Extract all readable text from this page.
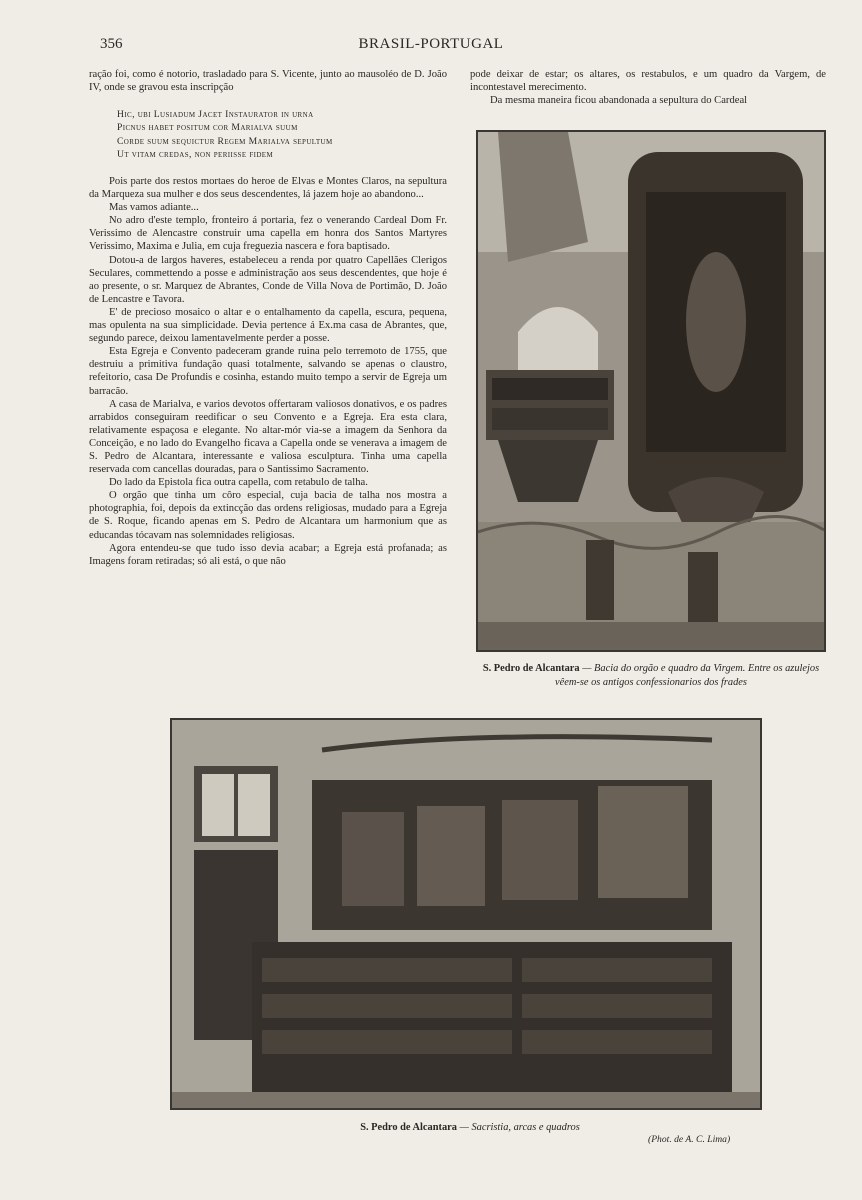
356	BRASIL-PORTUGAL

ração foi, como é notorio, trasladado para S. Vicente, junto ao mausoléo de D. João IV, onde se gravou esta inscripção

Hic, ubi Lusiadum Jacet Instaurator in urna
Picnus habet positum cor Marialva suum
Corde suum sequictur Regem Marialva sepultum
Ut vitam credas, non periisse fidem

Pois parte dos restos mortaes do heroe de Elvas e Montes Claros, na sepultura da Marqueza sua mulher e dos seus descendentes, lá jazem hoje ao abandono...

Mas vamos adiante...

No adro d'este templo, fronteiro á portaria, fez o venerando Cardeal Dom Fr. Verissimo de Alencastre construir uma capella em honra dos Santos Martyres Verissimo, Maxima e Julia, em cuja freguezia nascera e fora baptisado.

Dotou-a de largos haveres, estabeleceu a renda por quatro Capellães Clerigos Seculares, commettendo a posse e administração aos seus descendentes, que hoje é ao presente, o sr. Marquez de Abrantes, Conde de Villa Nova de Portimão, D. João de Lencastre e Tavora.

E' de precioso mosaico o altar e o entalhamento da capella, escura, pequena, mas opulenta na sua simplicidade. Devia pertence á Ex.ma casa de Abrantes, que, segundo parece, deixou lamentavelmente perder a posse.

Esta Egreja e Convento padeceram grande ruina pelo terremoto de 1755, que destruiu a primitiva fundação quasi totalmente, salvando se apenas o claustro, refeitorio, casa De Profundis e cosinha, estando muito tempo a servir de Egreja um barracão.

A casa de Marialva, e varios devotos offertaram valiosos donativos, e os padres arrabidos conseguiram reedificar o seu Convento e a Egreja. Era esta clara, relativamente espaçosa e elegante. No altar-mór via-se a imagem da Senhora da Conceição, e no lado do Evangelho ficava a Capella onde se venerava a imagem de S. Pedro de Alcantara, interessante e valiosa esculptura. Tinha uma capella reservada com cancellas douradas, para o Santissimo Sacramento.

Do lado da Epistola fica outra capella, com retabulo de talha.

O orgão que tinha um côro especial, cuja bacia de talha nos mostra a photographia, foi, depois da extincção das ordens religiosas, mudado para a Egreja de S. Roque, ficando apenas em S. Pedro de Alcantara um harmonium que as educandas tócavam nas solemnidades religiosas.

Agora entendeu-se que tudo isso devia acabar; a Egreja está profanada; as Imagens foram retiradas; só ali está, o que não

pode deixar de estar; os altares, os restabulos, e um quadro da Vargem, de incontestavel merecimento.

Da mesma maneira ficou abandonada a sepultura do Cardeal

S. Pedro de Alcantara — Bacia do orgão e quadro da Virgem. Entre os azulejos vêem-se os antigos confessionarios dos frades
S. Pedro de Alcantara — Sacristia, arcas e quadros
(Phot. de A. C. Lima)
